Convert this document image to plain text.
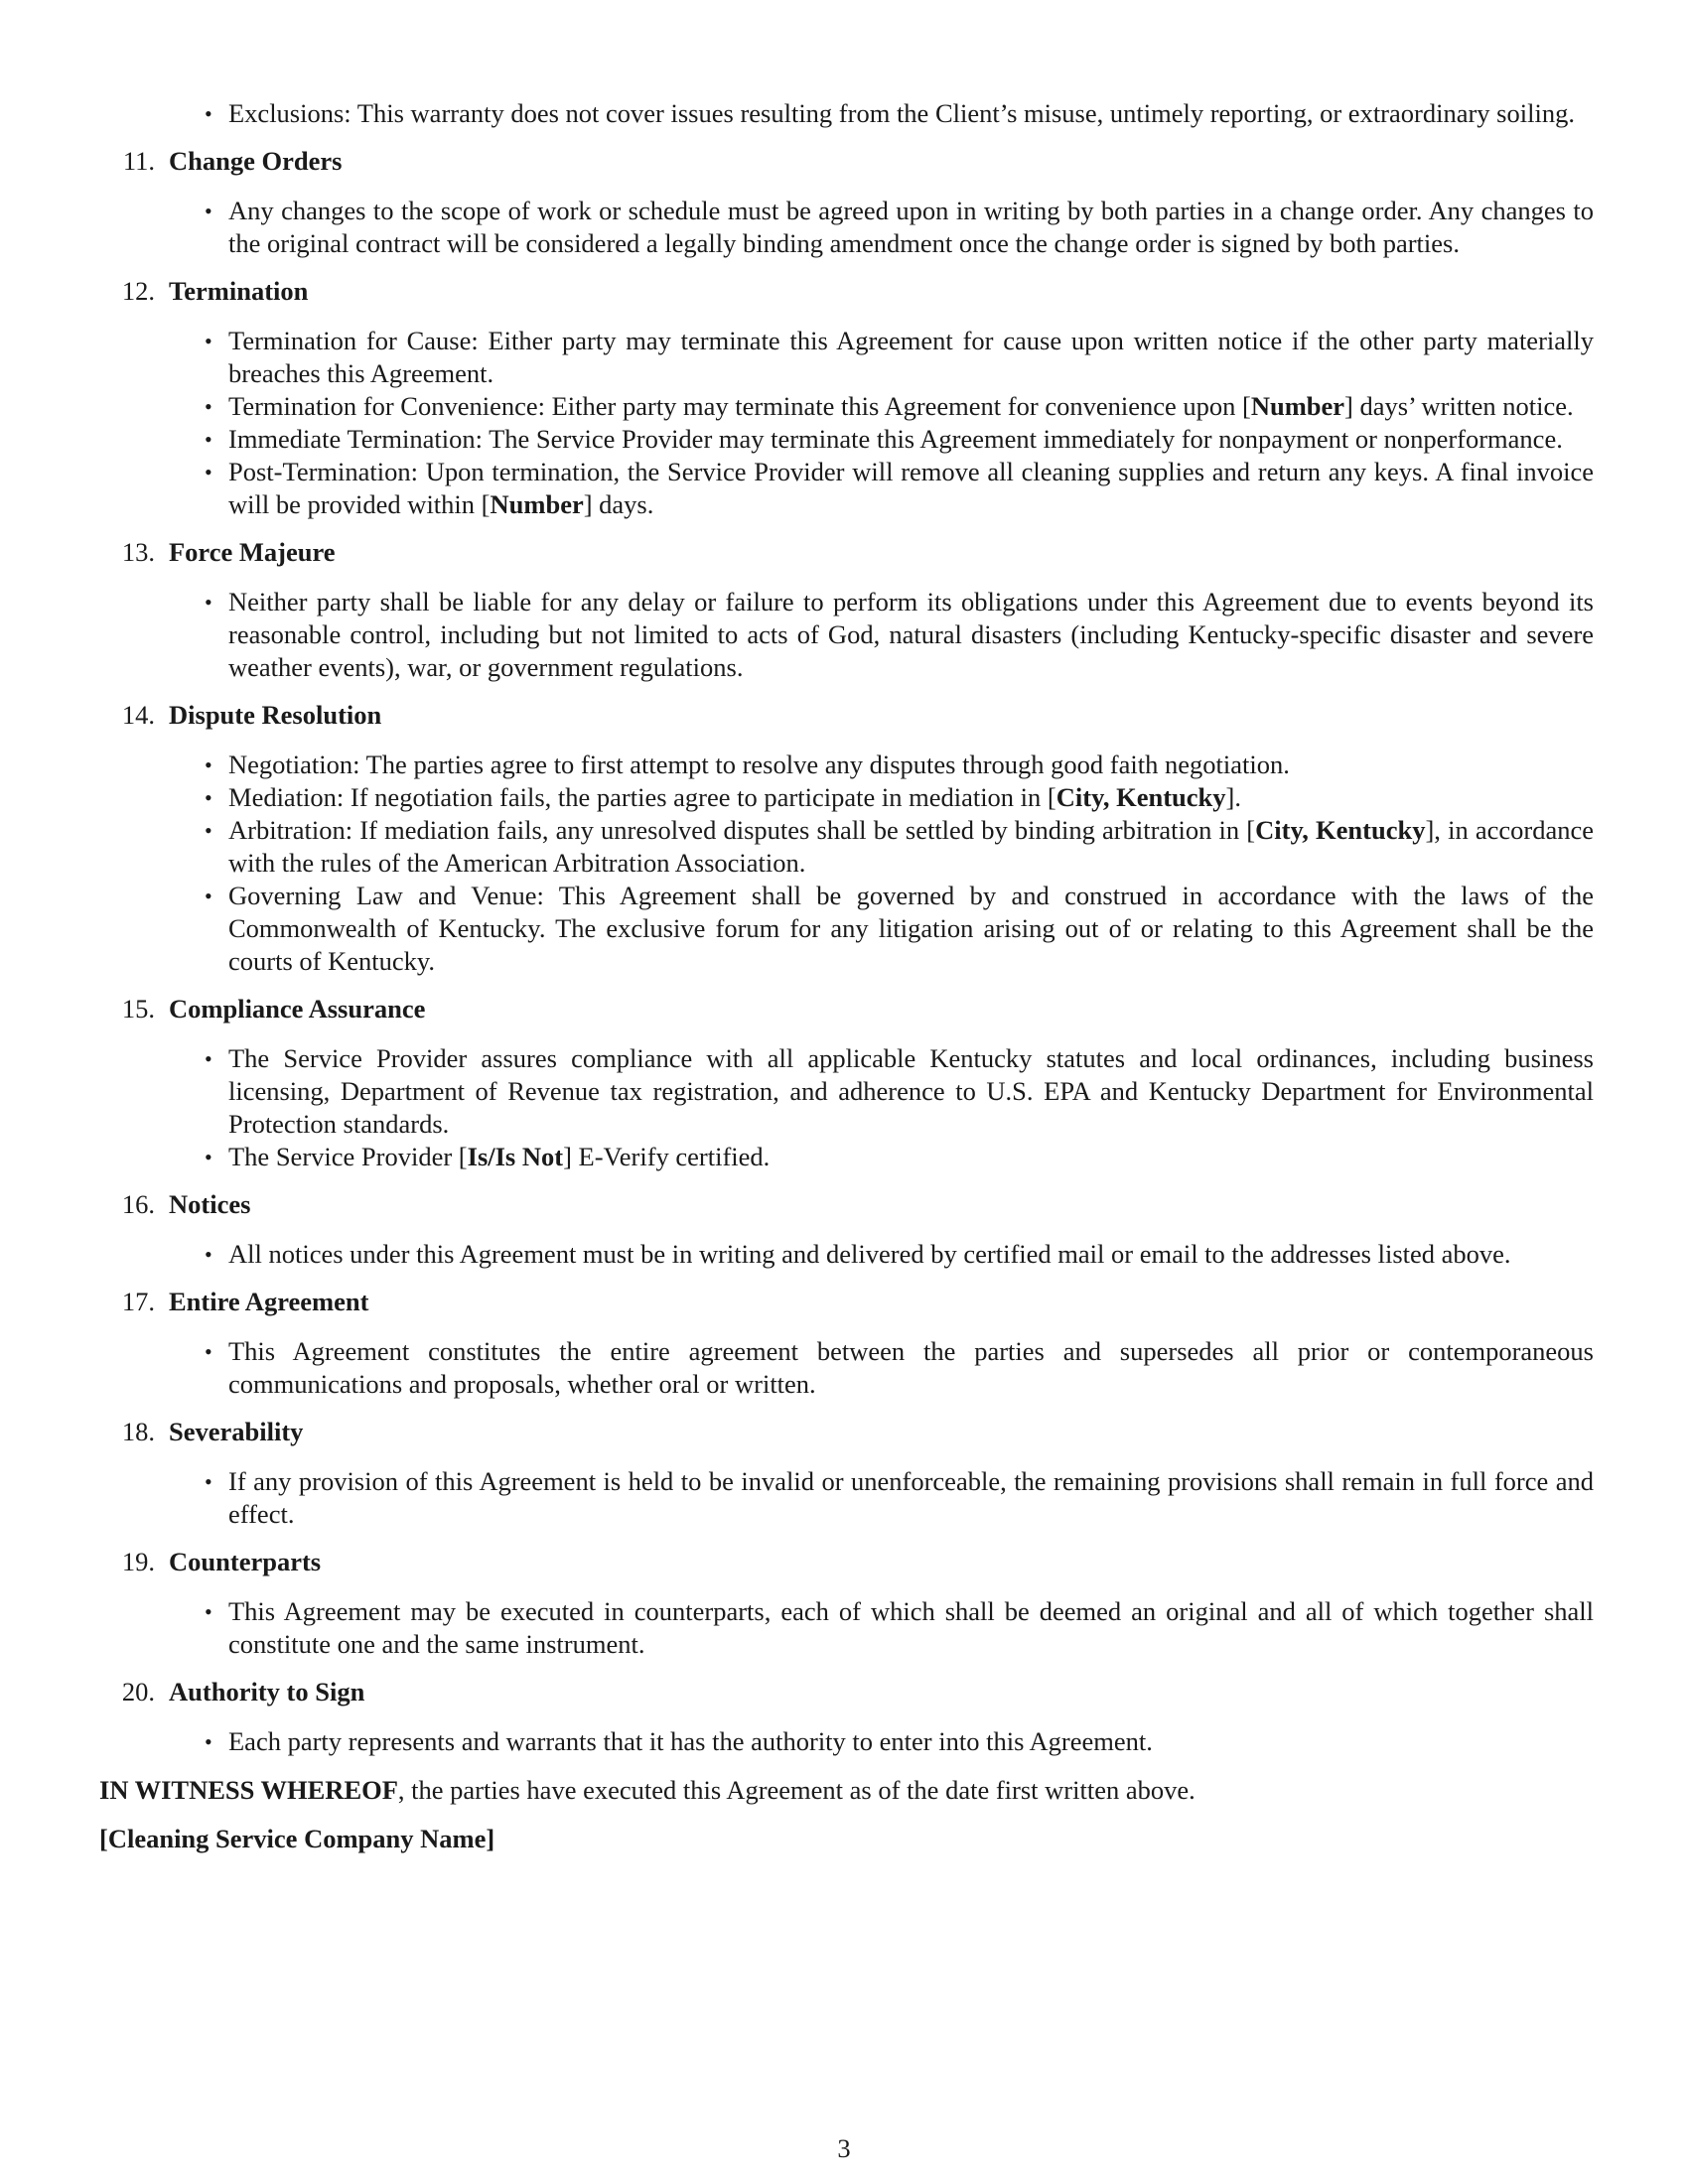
• Exclusions: This warranty does not cover issues resulting from the Client’s misuse, untimely reporting, or extraordinary soiling.
11. Change Orders
• Any changes to the scope of work or schedule must be agreed upon in writing by both parties in a change order. Any changes to the original contract will be considered a legally binding amendment once the change order is signed by both parties.
12. Termination
• Termination for Cause: Either party may terminate this Agreement for cause upon written notice if the other party materially breaches this Agreement.
• Termination for Convenience: Either party may terminate this Agreement for convenience upon [Number] days’ written notice.
• Immediate Termination: The Service Provider may terminate this Agreement immediately for nonpayment or nonperformance.
• Post-Termination: Upon termination, the Service Provider will remove all cleaning supplies and return any keys. A final invoice will be provided within [Number] days.
13. Force Majeure
• Neither party shall be liable for any delay or failure to perform its obligations under this Agreement due to events beyond its reasonable control, including but not limited to acts of God, natural disasters (including Kentucky-specific disaster and severe weather events), war, or government regulations.
14. Dispute Resolution
• Negotiation: The parties agree to first attempt to resolve any disputes through good faith negotiation.
• Mediation: If negotiation fails, the parties agree to participate in mediation in [City, Kentucky].
• Arbitration: If mediation fails, any unresolved disputes shall be settled by binding arbitration in [City, Kentucky], in accordance with the rules of the American Arbitration Association.
• Governing Law and Venue: This Agreement shall be governed by and construed in accordance with the laws of the Commonwealth of Kentucky. The exclusive forum for any litigation arising out of or relating to this Agreement shall be the courts of Kentucky.
15. Compliance Assurance
• The Service Provider assures compliance with all applicable Kentucky statutes and local ordinances, including business licensing, Department of Revenue tax registration, and adherence to U.S. EPA and Kentucky Department for Environmental Protection standards.
• The Service Provider [Is/Is Not] E-Verify certified.
16. Notices
• All notices under this Agreement must be in writing and delivered by certified mail or email to the addresses listed above.
17. Entire Agreement
• This Agreement constitutes the entire agreement between the parties and supersedes all prior or contemporaneous communications and proposals, whether oral or written.
18. Severability
• If any provision of this Agreement is held to be invalid or unenforceable, the remaining provisions shall remain in full force and effect.
19. Counterparts
• This Agreement may be executed in counterparts, each of which shall be deemed an original and all of which together shall constitute one and the same instrument.
20. Authority to Sign
• Each party represents and warrants that it has the authority to enter into this Agreement.
IN WITNESS WHEREOF, the parties have executed this Agreement as of the date first written above.
[Cleaning Service Company Name]
3
